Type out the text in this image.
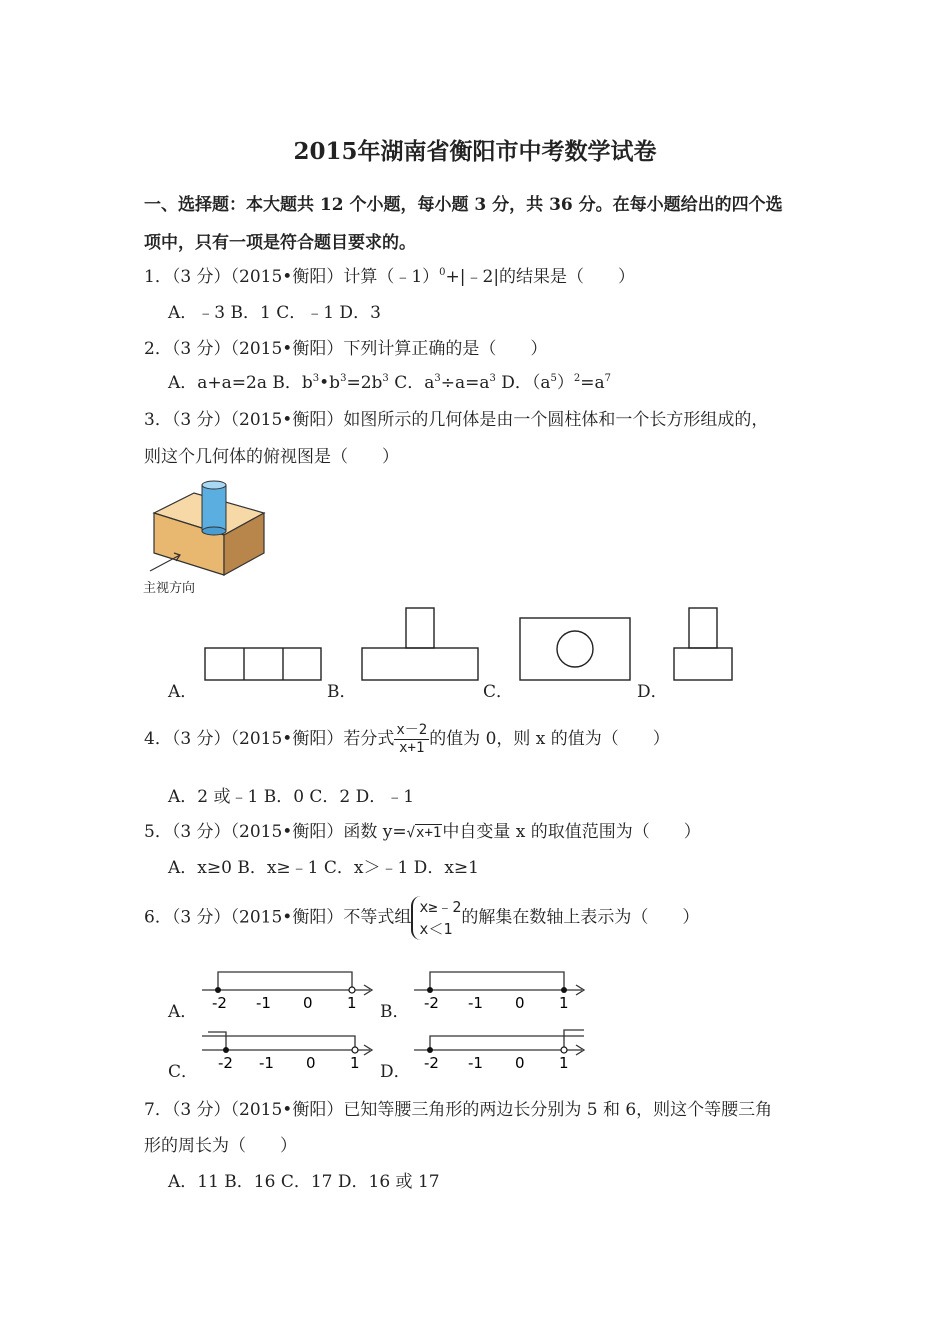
2015年湖南省衡阳市中考数学试卷
一、选择题：本大题共 12 个小题，每小题 3 分，共 36 分。在每小题给出的四个选
项中，只有一项是符合题目要求的。
1．（3 分）（2015•衡阳）计算（﹣1）$^0$+|﹣2|的结果是（　　）
A．﹣3 B．1 C．﹣1 D．3
2．（3 分）（2015•衡阳）下列计算正确的是（　　）
A．a+a=2a B．$b^3•b^3=2b^3$ C．$a^3\div a=a^3$ D．$(a^5)^2=a^7$
3．（3 分）（2015•衡阳）如图所示的几何体是由一个圆柱体和一个长方形组成的，
则这个几何体的俯视图是（　　）
主视方向
A．	B．	C．	D．
4．（3 分）（2015•衡阳）若分式 $\frac{x-2}{x+1}$ 的值为 0，则 x 的值为（　　）
A．2 或﹣1 B．0 C．2 D．﹣1
5．（3 分）（2015•衡阳）函数 y=√x+1中自变量 x 的取值范围为（　　）
A．x≥0 B．x≥﹣1 C．x＞﹣1 D．x≥1
6．（3 分）（2015•衡阳）不等式组
x≥﹣2
x＜1
的解集在数轴上表示为（　　）
A． -2 -1 0 1 B． -2 -1 0 1
C． -2 -1 0 1 D． -2 -1 0 1
7．（3 分）（2015•衡阳）已知等腰三角形的两边长分别为 5 和 6，则这个等腰三角
形的周长为（　　）
A．11 B．16 C．17 D．16 或 17
